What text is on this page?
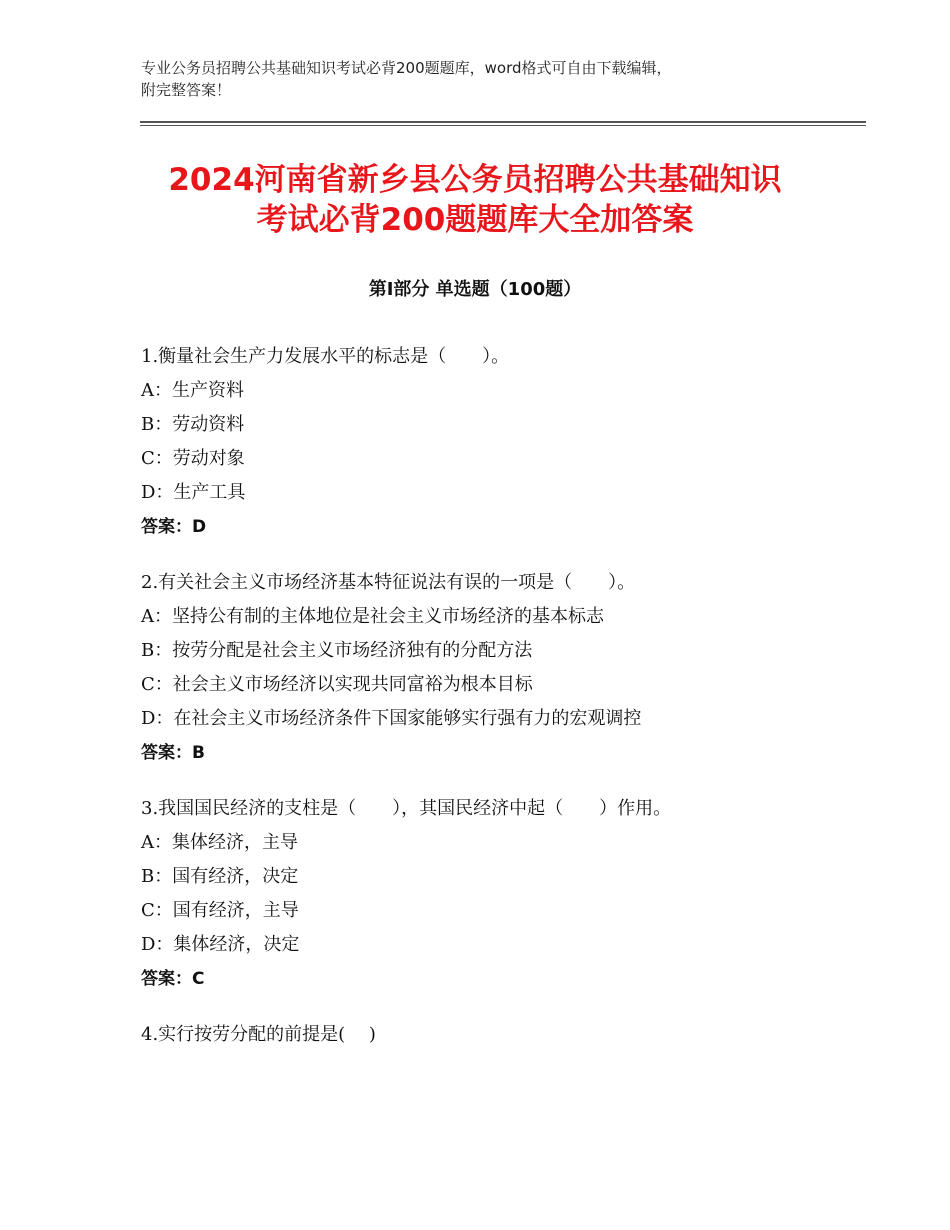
专业公务员招聘公共基础知识考试必背200题题库，word格式可自由下载编辑，
附完整答案！
2024河南省新乡县公务员招聘公共基础知识
考试必背200题题库大全加答案
第Ⅰ部分 单选题（100题）
1.衡量社会生产力发展水平的标志是（　　）。
A：生产资料
B：劳动资料
C：劳动对象
D：生产工具
答案：D
2.有关社会主义市场经济基本特征说法有误的一项是（　　）。
A：坚持公有制的主体地位是社会主义市场经济的基本标志
B：按劳分配是社会主义市场经济独有的分配方法
C：社会主义市场经济以实现共同富裕为根本目标
D：在社会主义市场经济条件下国家能够实行强有力的宏观调控
答案：B
3.我国国民经济的支柱是（　　），其国民经济中起（　　）作用。
A：集体经济，主导
B：国有经济，决定
C：国有经济，主导
D：集体经济，决定
答案：C
4.实行按劳分配的前提是(　 )
